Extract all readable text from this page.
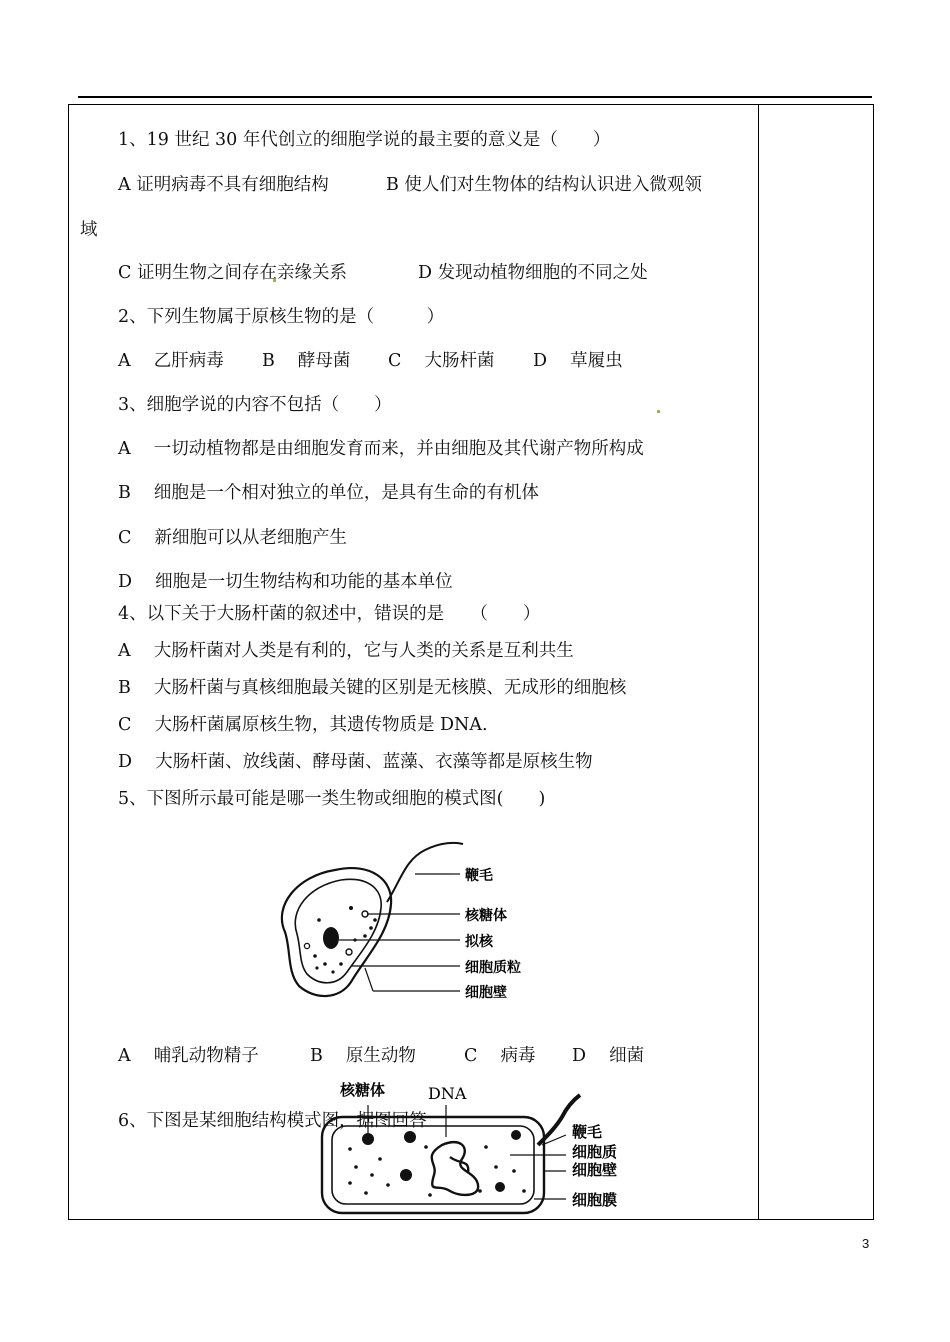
1、19 世纪 30 年代创立的细胞学说的最主要的意义是（　　）
A 证明病毒不具有细胞结构	B 使人们对生物体的结构认识进入微观领
域
C 证明生物之间存在亲缘关系	D 发现动植物细胞的不同之处
2、下列生物属于原核生物的是（　　　）
A　 乙肝病毒 B　 酵母菌 C　 大肠杆菌 D　 草履虫
3、细胞学说的内容不包括（　　）
A　 一切动植物都是由细胞发育而来，并由细胞及其代谢产物所构成
B　 细胞是一个相对独立的单位，是具有生命的有机体
C　 新细胞可以从老细胞产生
D　 细胞是一切生物结构和功能的基本单位
4、以下关于大肠杆菌的叙述中，错误的是　　（　　）
A　 大肠杆菌对人类是有利的，它与人类的关系是互利共生
B　 大肠杆菌与真核细胞最关键的区别是无核膜、无成形的细胞核
C　 大肠杆菌属原核生物，其遗传物质是 DNA.
D　 大肠杆菌、放线菌、酵母菌、蓝藻、衣藻等都是原核生物
5、下图所示最可能是哪一类生物或细胞的模式图(　　)
鞭毛
核糖体
拟核
细胞质粒
细胞壁
A　 哺乳动物精子	B　 原生动物	C　 病毒 D　 细菌
6、下图是某细胞结构模式图，据图回答
核糖体	DNA
鞭毛
细胞质
细胞壁
细胞膜
3
